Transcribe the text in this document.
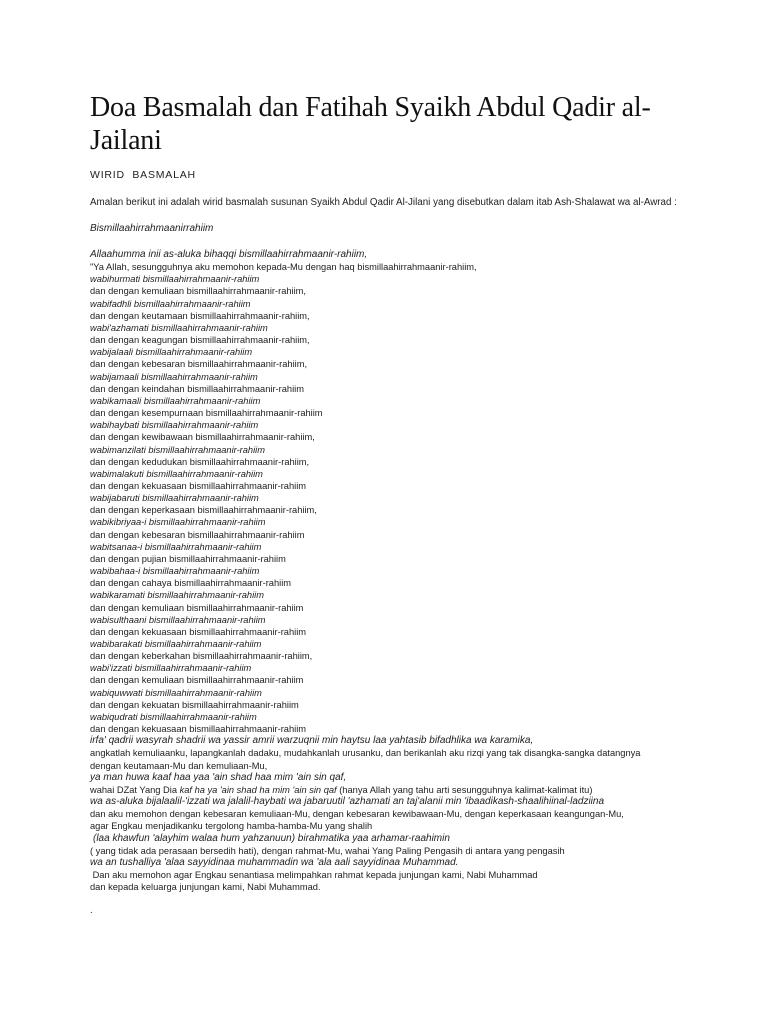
Doa Basmalah dan Fatihah Syaikh Abdul Qadir al-Jailani
WIRID  BASMALAH
Amalan berikut ini adalah wirid basmalah susunan Syaikh Abdul Qadir Al-Jilani yang disebutkan dalam itab Ash-Shalawat wa al-Awrad :
Bismillaahirrahmaanirrahiim
Allaahumma inii as-aluka bihaqqi bismillaahirrahmaanir-rahiim,
"Ya Allah, sesungguhnya aku memohon kepada-Mu dengan haq bismillaahirrahmaanir-rahiim,
wabihurmati bismillaahirrahmaanir-rahiim
dan dengan kemuliaan bismillaahirrahmaanir-rahiim,
wabifadhli bismillaahirrahmaanir-rahiim
dan dengan keutamaan bismillaahirrahmaanir-rahiim,
wabi'azhamati bismillaahirrahmaanir-rahiim
dan dengan keagungan bismillaahirrahmaanir-rahiim,
wabijalaali bismillaahirrahmaanir-rahiim
dan dengan kebesaran bismillaahirrahmaanir-rahiim,
wabijamaali bismillaahirrahmaanir-rahiim
dan dengan keindahan bismillaahirrahmaanir-rahiim
wabikamaali bismillaahirrahmaanir-rahiim
dan dengan kesempurnaan bismillaahirrahmaanir-rahiim
wabihaybati bismillaahirrahmaanir-rahiim
dan dengan kewibawaan bismillaahirrahmaanir-rahiim,
wabimanzilati bismillaahirrahmaanir-rahiim
dan dengan kedudukan bismillaahirrahmaanir-rahiim,
wabimalakuti bismillaahirrahmaanir-rahiim
dan dengan kekuasaan bismillaahirrahmaanir-rahiim
wabijabaruti bismillaahirrahmaanir-rahiim
dan dengan keperkasaan bismillaahirrahmaanir-rahiim,
wabikibriyaa-i bismillaahirrahmaanir-rahiim
dan dengan kebesaran bismillaahirrahmaanir-rahiim
wabitsanaa-i bismillaahirrahmaanir-rahiim
dan dengan pujian bismillaahirrahmaanir-rahiim
wabibahaa-i bismillaahirrahmaanir-rahiim
dan dengan cahaya bismillaahirrahmaanir-rahiim
wabikaramati bismillaahirrahmaanir-rahiim
dan dengan kemuliaan bismillaahirrahmaanir-rahiim
wabisulthaani bismillaahirrahmaanir-rahiim
dan dengan kekuasaan bismillaahirrahmaanir-rahiim
wabibarakati bismillaahirrahmaanir-rahiim
dan dengan keberkahan bismillaahirrahmaanir-rahiim,
wabi'izzati bismillaahirrahmaanir-rahiim
dan dengan kemuliaan bismillaahirrahmaanir-rahiim
wabiquwwati bismillaahirrahmaanir-rahiim
dan dengan kekuatan bismillaahirrahmaanir-rahiim
wabiqudrati bismillaahirrahmaanir-rahiim
dan dengan kekuasaan bismillaahirrahmaanir-rahiim
irfa' qadrii wasyrah shadrii wa yassir amrii warzuqnii min haytsu laa yahtasib bifadhlika wa karamika,
angkatlah kemuliaanku, lapangkanlah dadaku, mudahkanlah urusanku, dan berikanlah aku rizqi yang tak disangka-sangka datangnya
dengan keutamaan-Mu dan kemuliaan-Mu,
ya man huwa kaaf haa yaa 'ain shad haa mim 'ain sin qaf,
wahai DZat Yang Dia kaf ha ya 'ain shad ha mim 'ain sin qaf (hanya Allah yang tahu arti sesungguhnya kalimat-kalimat itu)
wa as-aluka bijalaalil-'izzati wa jalalil-haybati wa jabaruutil 'azhamati an taj'alanii min 'ibaadikash-shaalihiinal-ladziina
dan aku memohon dengan kebesaran kemuliaan-Mu, dengan kebesaran kewibawaan-Mu, dengan keperkasaan keangungan-Mu,
agar Engkau menjadikanku tergolong hamba-hamba-Mu yang shalih
(laa khawfun 'alayhim walaa hum yahzanuun) birahmatika yaa arhamar-raahimin
( yang tidak ada perasaan bersedih hati), dengan rahmat-Mu, wahai Yang Paling Pengasih di antara yang pengasih
wa an tushalliya 'alaa sayyidinaa muhammadin wa 'ala aali sayyidinaa Muhammad.
Dan aku memohon agar Engkau senantiasa melimpahkan rahmat kepada junjungan kami, Nabi Muhammad
dan kepada keluarga junjungan kami, Nabi Muhammad.
.
